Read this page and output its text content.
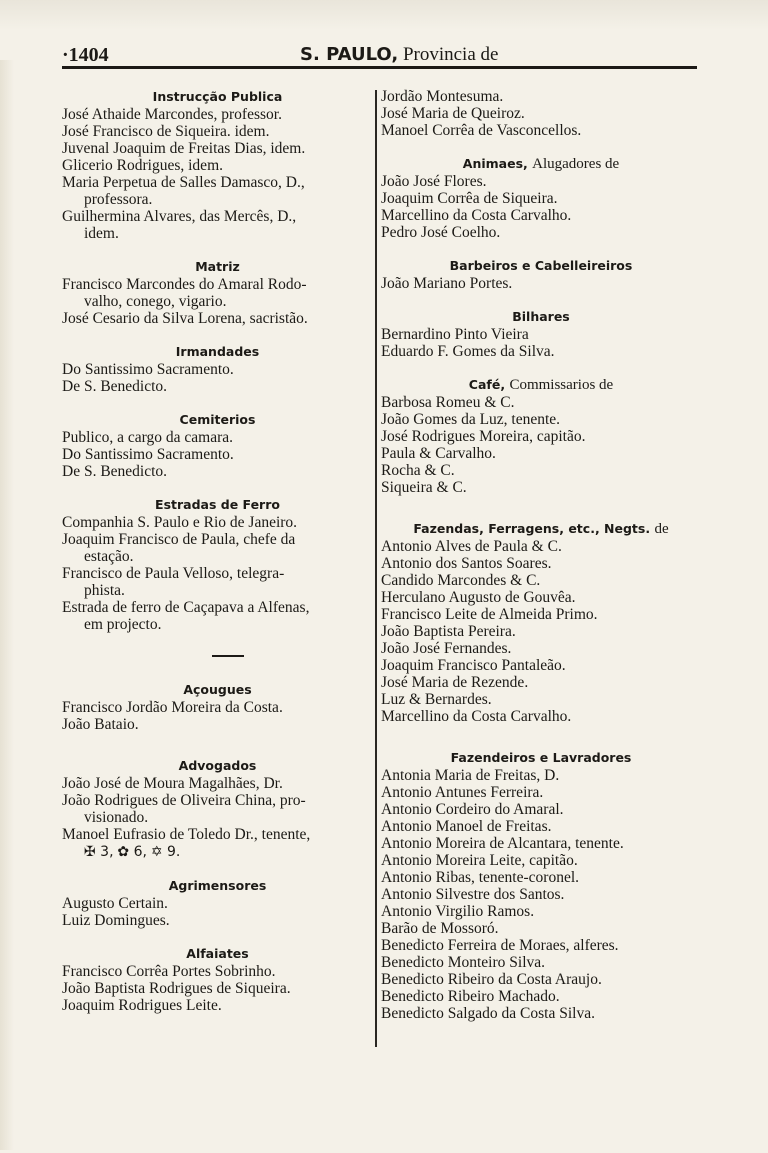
·1404	S. PAULO, Provincia de

Instrucção Publica

José Athaide Marcondes, professor.

José Francisco de Siqueira. idem.

Juvenal Joaquim de Freitas Dias, idem.

Glicerio Rodrigues, idem.

Maria Perpetua de Salles Damasco, D.,

professora.

Guilhermina Alvares, das Mercês, D.,

idem.

Matriz

Francisco Marcondes do Amaral Rodo-

valho, conego, vigario.

José Cesario da Silva Lorena, sacristão.

Irmandades

Do Santissimo Sacramento.

De S. Benedicto.

Cemiterios

Publico, a cargo da camara.

Do Santissimo Sacramento.

De S. Benedicto.

Estradas de Ferro

Companhia S. Paulo e Rio de Janeiro.

Joaquim Francisco de Paula, chefe da

estação.

Francisco de Paula Velloso, telegra-

phista.

Estrada de ferro de Caçapava a Alfenas,

em projecto.

Açougues

Francisco Jordão Moreira da Costa.

João Bataio.

Advogados

João José de Moura Magalhães, Dr.

João Rodrigues de Oliveira China, pro-

visionado.

Manoel Eufrasio de Toledo Dr., tenente,

✠ 3, ✿ 6, ✡ 9.

Agrimensores

Augusto Certain.

Luiz Domingues.

Alfaiates

Francisco Corrêa Portes Sobrinho.

João Baptista Rodrigues de Siqueira.

Joaquim Rodrigues Leite.

Jordão Montesuma.

José Maria de Queiroz.

Manoel Corrêa de Vasconcellos.

Animaes, Alugadores de

João José Flores.

Joaquim Corrêa de Siqueira.

Marcellino da Costa Carvalho.

Pedro José Coelho.

Barbeiros e Cabelleireiros

João Mariano Portes.

Bilhares

Bernardino Pinto Vieira

Eduardo F. Gomes da Silva.

Café, Commissarios de

Barbosa Romeu & C.

João Gomes da Luz, tenente.

José Rodrigues Moreira, capitão.

Paula & Carvalho.

Rocha & C.

Siqueira & C.

Fazendas, Ferragens, etc., Negts. de

Antonio Alves de Paula & C.

Antonio dos Santos Soares.

Candido Marcondes & C.

Herculano Augusto de Gouvêa.

Francisco Leite de Almeida Primo.

João Baptista Pereira.

João José Fernandes.

Joaquim Francisco Pantaleão.

José Maria de Rezende.

Luz & Bernardes.

Marcellino da Costa Carvalho.

Fazendeiros e Lavradores

Antonia Maria de Freitas, D.

Antonio Antunes Ferreira.

Antonio Cordeiro do Amaral.

Antonio Manoel de Freitas.

Antonio Moreira de Alcantara, tenente.

Antonio Moreira Leite, capitão.

Antonio Ribas, tenente-coronel.

Antonio Silvestre dos Santos.

Antonio Virgilio Ramos.

Barão de Mossoró.

Benedicto Ferreira de Moraes, alferes.

Benedicto Monteiro Silva.

Benedicto Ribeiro da Costa Araujo.

Benedicto Ribeiro Machado.

Benedicto Salgado da Costa Silva.
